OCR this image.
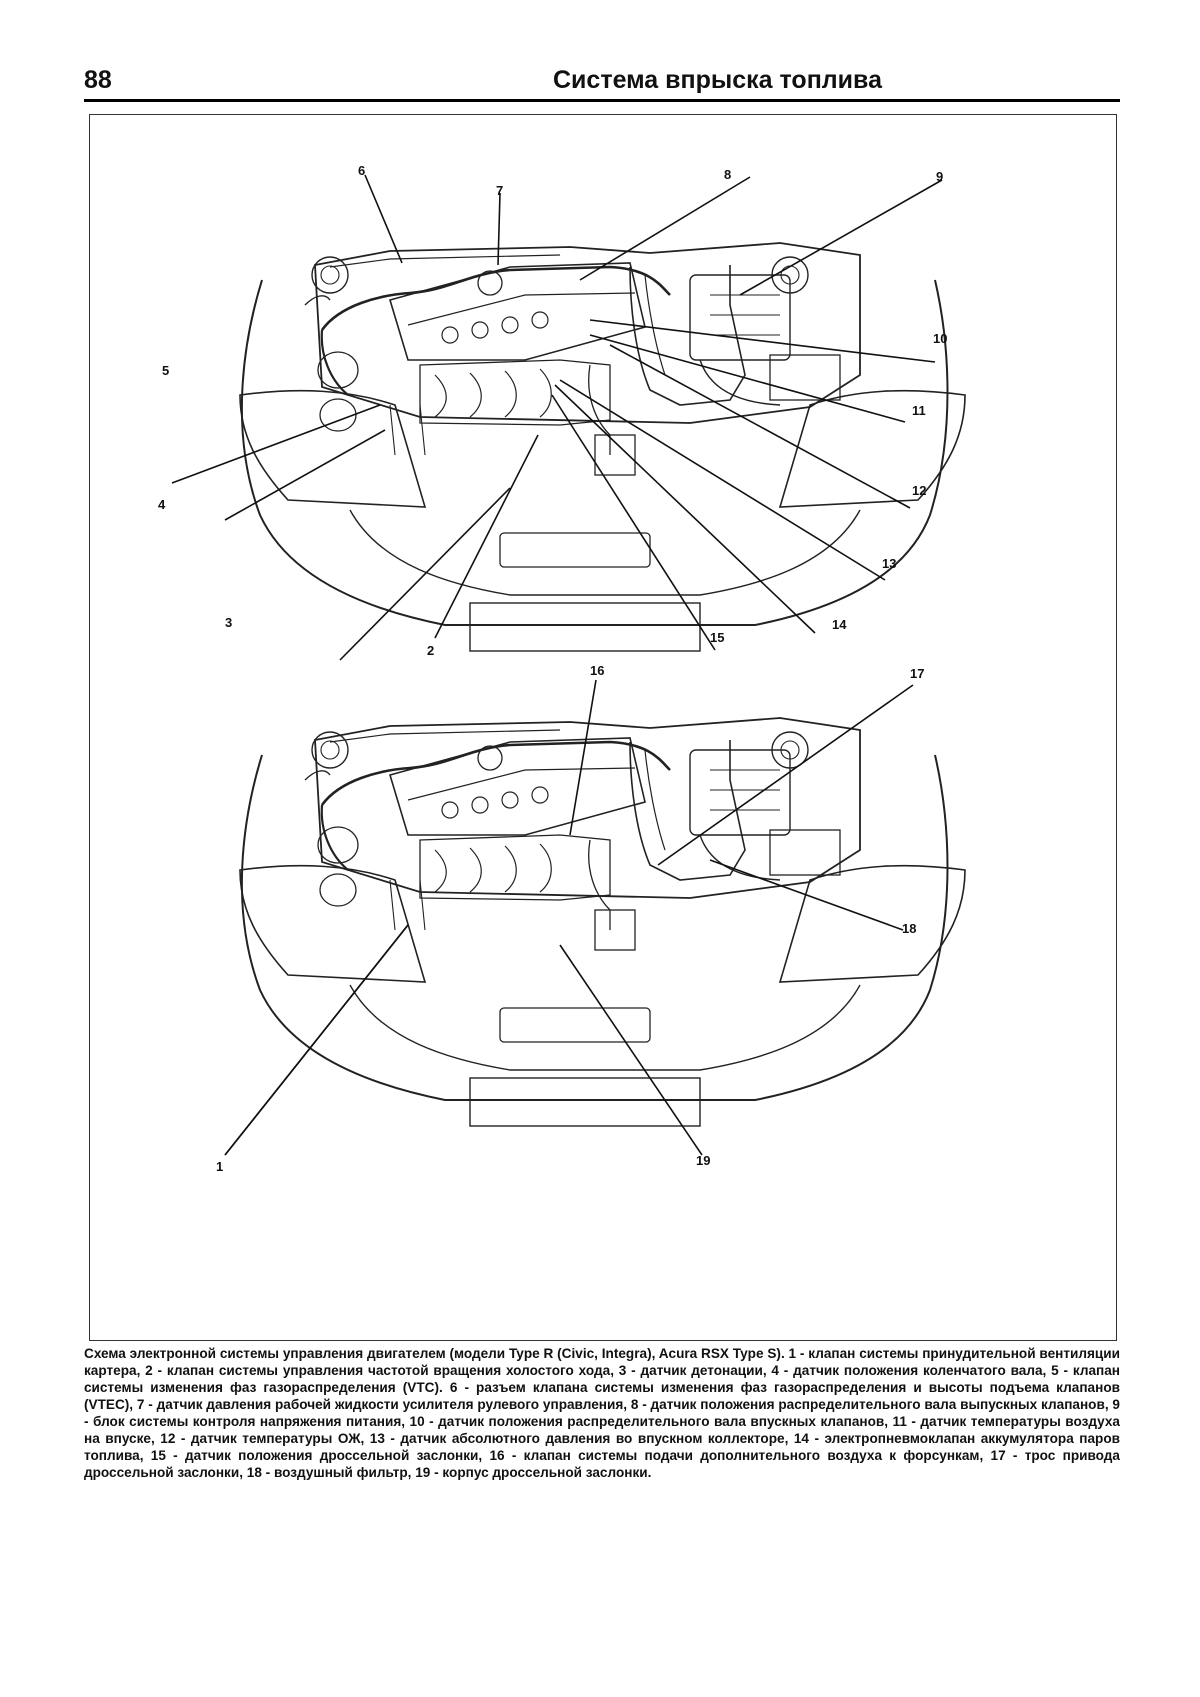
88	Система впрыска топлива
1
2
3
4
5
6
7
8	9
10
11
12
13
14
15
16	17
18
19
Схема электронной системы управления двигателем (модели Type R (Civic, Integra), Acura RSX Type S). 1 - клапан системы принудительной вентиляции картера, 2 - клапан системы управления частотой вращения холостого хода, 3 - датчик детонации, 4 - датчик положения коленчатого вала, 5 - клапан системы изменения фаз газораспределения (VTC). 6 - разъем клапана системы изменения фаз газораспределения и высоты подъема клапанов (VTEC), 7 - датчик давления рабочей жидкости усилителя рулевого управления, 8 - датчик положения распределительного вала выпускных клапанов, 9 - блок системы контроля напряжения питания, 10 - датчик положения распределительного вала впускных клапанов, 11 - датчик температуры воздуха на впуске, 12 - датчик температуры ОЖ, 13 - датчик абсолютного давления во впускном коллекторе, 14 - электропневмоклапан аккумулятора паров топлива, 15 - датчик положения дроссельной заслонки, 16 - клапан системы подачи дополнительного воздуха к форсункам, 17 - трос привода дроссельной заслонки, 18 - воздушный фильтр, 19 - корпус дроссельной заслонки.
